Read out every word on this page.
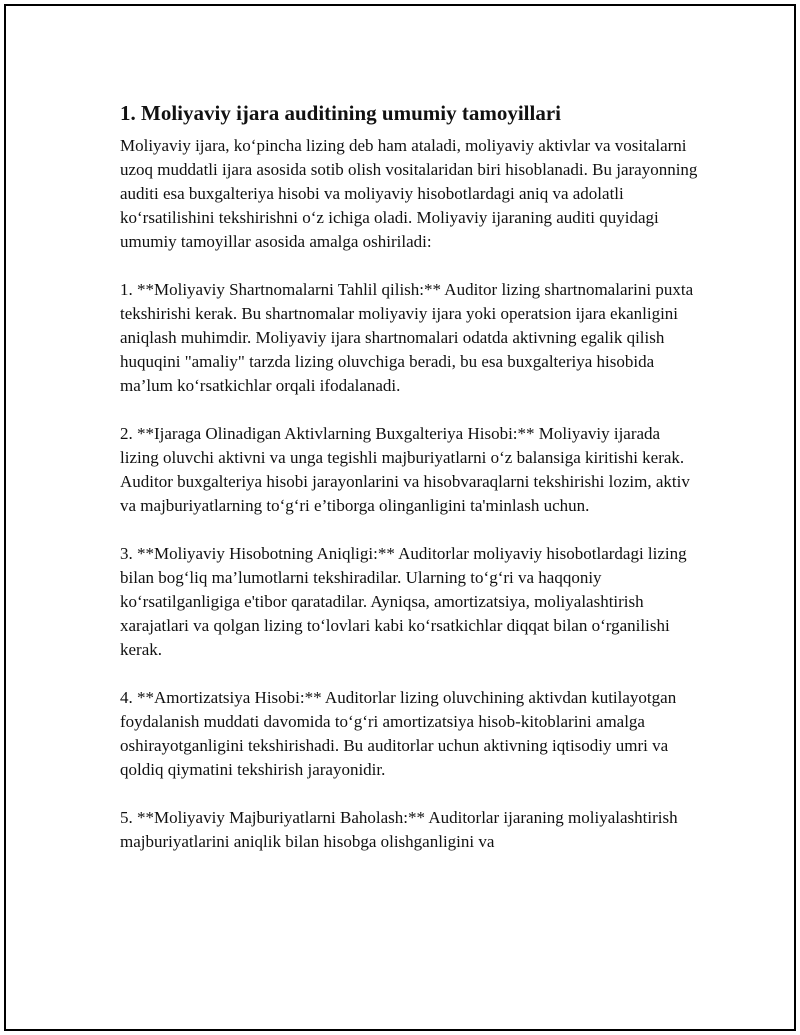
1. Moliyaviy ijara auditining umumiy tamoyillari

Moliyaviy ijara, koʻpincha lizing deb ham ataladi, moliyaviy aktivlar va vositalarni uzoq muddatli ijara asosida sotib olish vositalaridan biri hisoblanadi. Bu jarayonning auditi esa buxgalteriya hisobi va moliyaviy hisobotlardagi aniq va adolatli koʻrsatilishini tekshirishni oʻz ichiga oladi. Moliyaviy ijaraning auditi quyidagi umumiy tamoyillar asosida amalga oshiriladi:

1. **Moliyaviy Shartnomalarni Tahlil qilish:** Auditor lizing shartnomalarini puxta tekshirishi kerak. Bu shartnomalar moliyaviy ijara yoki operatsion ijara ekanligini aniqlash muhimdir. Moliyaviy ijara shartnomalari odatda aktivning egalik qilish huquqini "amaliy" tarzda lizing oluvchiga beradi, bu esa buxgalteriya hisobida ma’lum koʻrsatkichlar orqali ifodalanadi.

2. **Ijaraga Olinadigan Aktivlarning Buxgalteriya Hisobi:** Moliyaviy ijarada lizing oluvchi aktivni va unga tegishli majburiyatlarni oʻz balansiga kiritishi kerak. Auditor buxgalteriya hisobi jarayonlarini va hisobvaraqlarni tekshirishi lozim, aktiv va majburiyatlarning toʻgʻri e’tiborga olinganligini ta'minlash uchun.

3. **Moliyaviy Hisobotning Aniqligi:** Auditorlar moliyaviy hisobotlardagi lizing bilan bogʻliq ma’lumotlarni tekshiradilar. Ularning toʻgʻri va haqqoniy koʻrsatilganligiga e'tibor qaratadilar. Ayniqsa, amortizatsiya, moliyalashtirish xarajatlari va qolgan lizing toʻlovlari kabi koʻrsatkichlar diqqat bilan oʻrganilishi kerak.

4. **Amortizatsiya Hisobi:** Auditorlar lizing oluvchining aktivdan kutilayotgan foydalanish muddati davomida toʻgʻri amortizatsiya hisob-kitoblarini amalga oshirayotganligini tekshirishadi. Bu auditorlar uchun aktivning iqtisodiy umri va qoldiq qiymatini tekshirish jarayonidir.

5. **Moliyaviy Majburiyatlarni Baholash:** Auditorlar ijaraning moliyalashtirish majburiyatlarini aniqlik bilan hisobga olishganligini va
